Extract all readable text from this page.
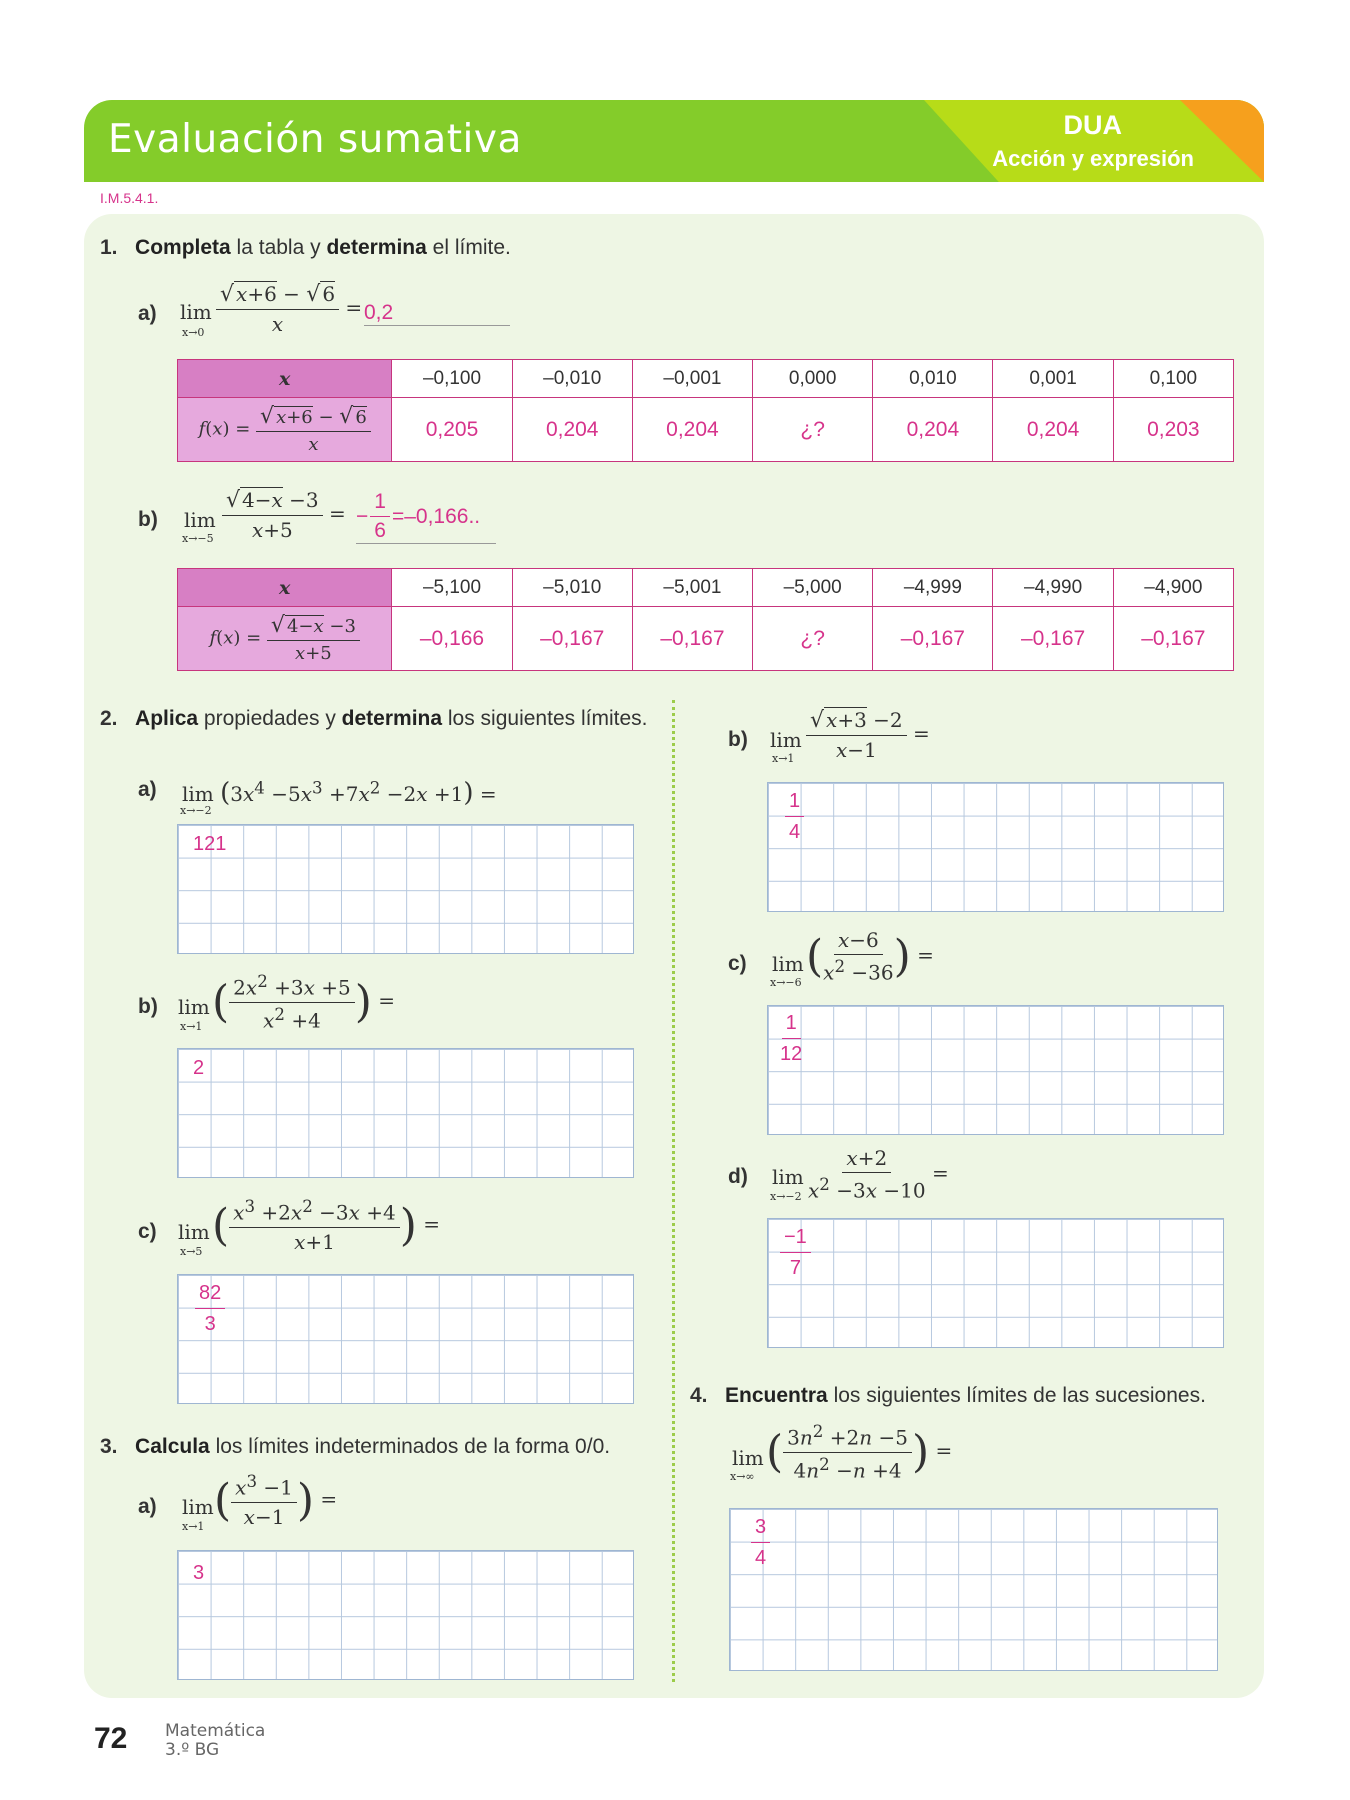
Evaluación sumativa	DUA
Acción y expresión
I.M.5.4.1.
1. Completa la tabla y determina el límite.
a) lim
$x\to 0 \frac{√ x+6 - √ 6}{x} = 0,2$
x	–0,100	–0,010	–0,001	0,000	0,010	0,001	0,100
$f(x) = \frac{√ x+6 - √ 6}{x}$	0,205	0,204	0,204	¿?	0,204	0,204	0,203
b) lim
$x\to-5 \frac{√ 4-x -3}{x+5}$ = − $\frac{1}{6} =-0,166$..
x	–5,100	–5,010	–5,001	–5,000	–4,999	–4,990	–4,900
$f(x) = \frac{√ 4-x -3}{x+5}$	–0,166	–0,167	–0,167	¿?	–0,167	–0,167	–0,167
2. Aplica propiedades y determina los siguientes límites.
a) $\lim (3x^4 -5x^3 +7x^2 -2x +1)$ =
x→−2
121
b) lim
x→1 ( $\frac{2x^2 +3x +5}{x^2 +4}$ ) =
2
c) lim
x→5
( $\frac{x^3 +2x^2 -3x +4}{x+1}$ ) =
82
3
3. Calcula los límites indeterminados de la forma 0/0.
a) lim
x→1
( $\frac{x^3 -1}{x-1}$ ) =
3
b) lim
$x\to 1 \frac{√ x+3 -2}{x-1}$ =
1
4
c) lim
x→−6
( $\frac{x-6}{x^2 -36}$ ) =
1
12
d) lim
$x\to-2 \frac{x+2}{x^2 -3x -10}$ =
−1
7
4. Encuentra los siguientes límites de las sucesiones.
lim
x→∞ ( $\frac{3n^2 +2n -5}{4n^2 -n +4}$ ) =
3
4
72 Matemática
3.º BG
